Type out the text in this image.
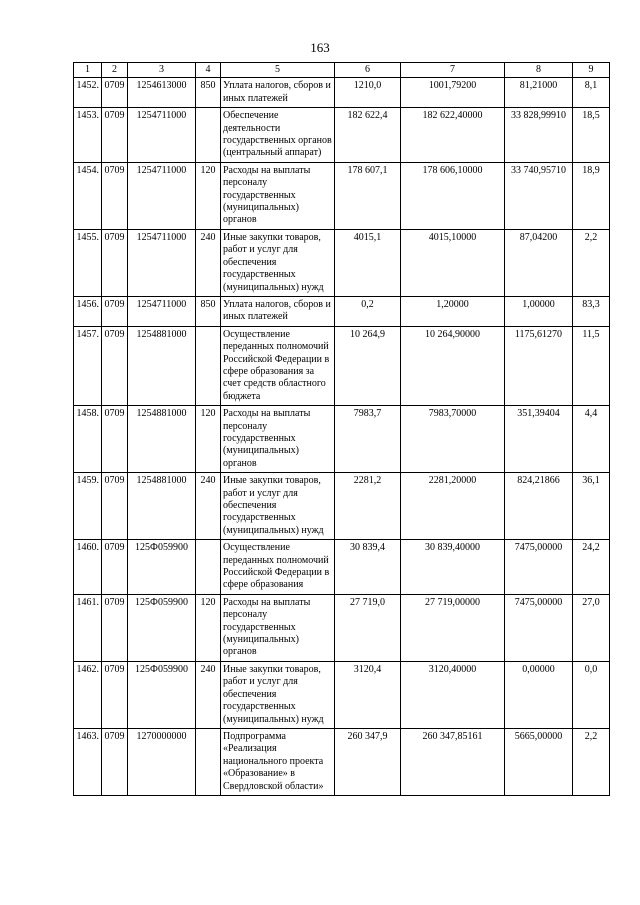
163
1	2	3	4	5	6	7	8	9
1452.	0709	1254613000	850	Уплата налогов, сборов и иных платежей	1210,0	1001,79200	81,21000	8,1
1453.	0709	1254711000		Обеспечение деятельности государственных органов (центральный аппарат)	182 622,4	182 622,40000	33 828,99910	18,5
1454.	0709	1254711000	120	Расходы на выплаты персоналу государственных (муниципальных) органов	178 607,1	178 606,10000	33 740,95710	18,9
1455.	0709	1254711000	240	Иные закупки товаров, работ и услуг для обеспечения государственных (муниципальных) нужд	4015,1	4015,10000	87,04200	2,2
1456.	0709	1254711000	850	Уплата налогов, сборов и иных платежей	0,2	1,20000	1,00000	83,3
1457.	0709	1254881000		Осуществление переданных полномочий Российской Федерации в сфере образования за счет средств областного бюджета	10 264,9	10 264,90000	1175,61270	11,5
1458.	0709	1254881000	120	Расходы на выплаты персоналу государственных (муниципальных) органов	7983,7	7983,70000	351,39404	4,4
1459.	0709	1254881000	240	Иные закупки товаров, работ и услуг для обеспечения государственных (муниципальных) нужд	2281,2	2281,20000	824,21866	36,1
1460.	0709	125Ф059900		Осуществление переданных полномочий Российской Федерации в сфере образования	30 839,4	30 839,40000	7475,00000	24,2
1461.	0709	125Ф059900	120	Расходы на выплаты персоналу государственных (муниципальных) органов	27 719,0	27 719,00000	7475,00000	27,0
1462.	0709	125Ф059900	240	Иные закупки товаров, работ и услуг для обеспечения государственных (муниципальных) нужд	3120,4	3120,40000	0,00000	0,0
1463.	0709	1270000000		Подпрограмма «Реализация национального проекта «Образование» в Свердловской области»	260 347,9	260 347,85161	5665,00000	2,2
